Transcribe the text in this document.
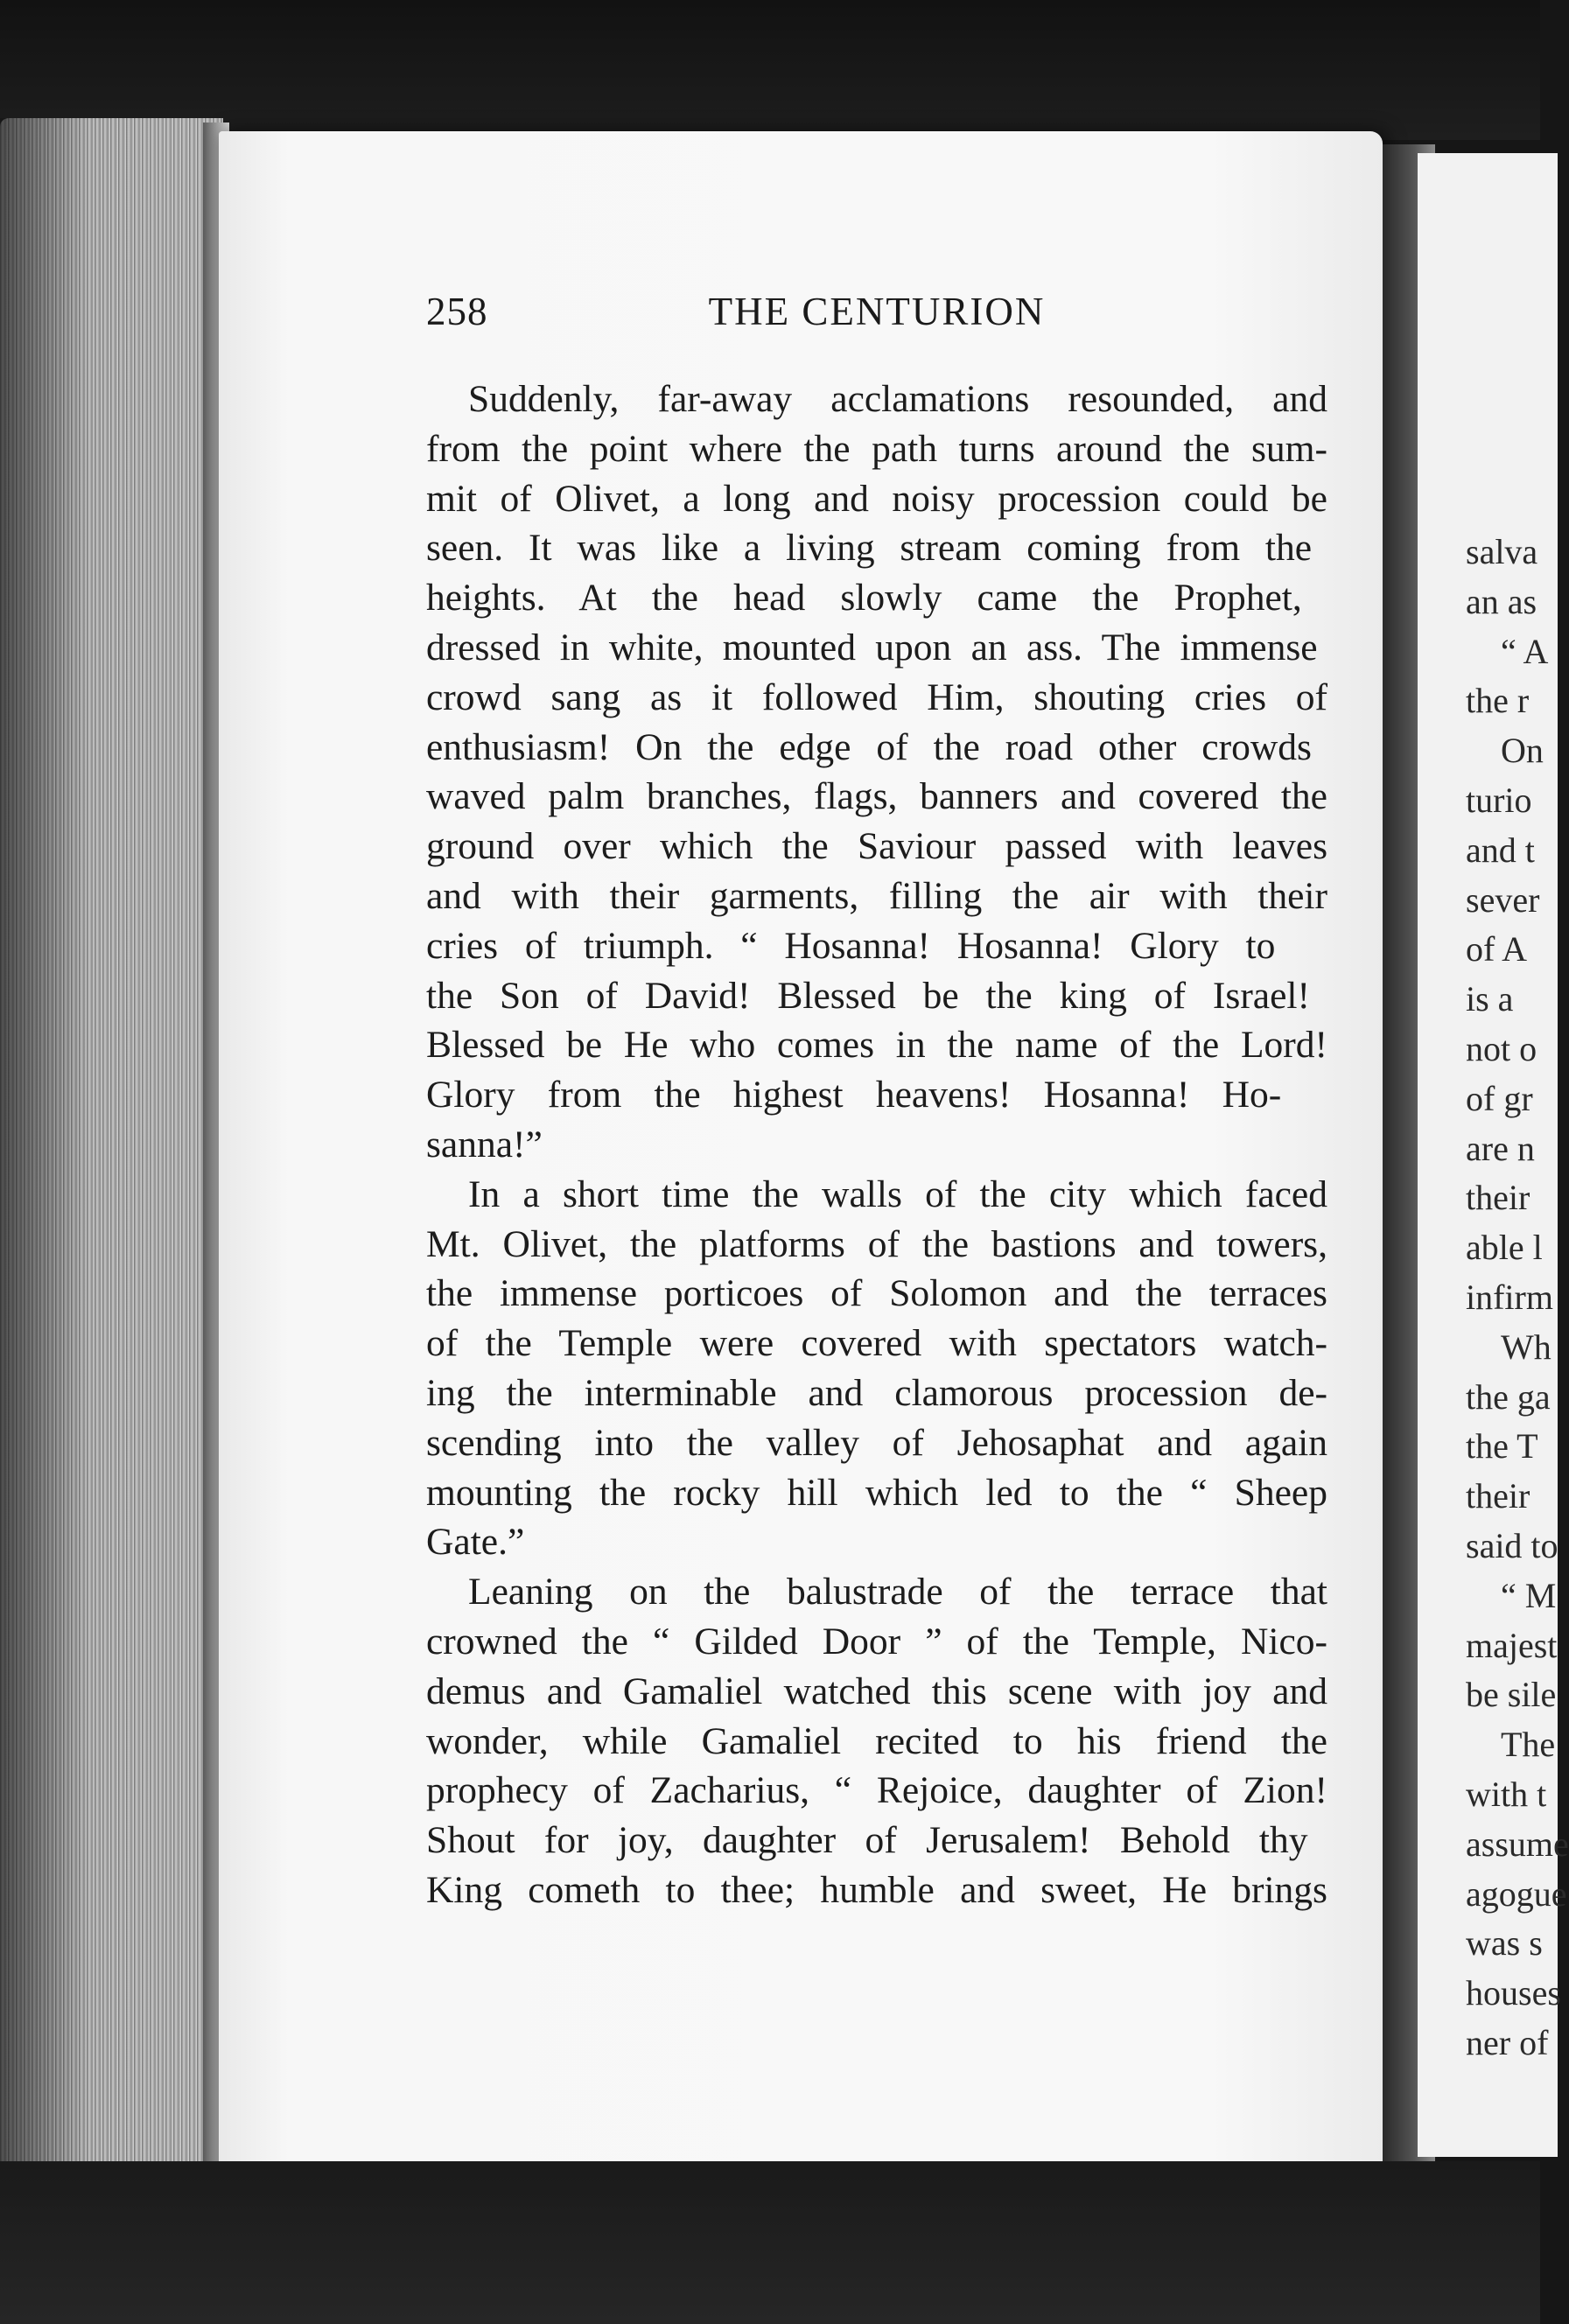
salva
an as
“ A
the r
On
turio
and t
sever
of A
is a
not o
of gr
are n
their
able l
infirm
Wh
the ga
the T
their
said to
“ M
majest
be sile
The
with t
assume
agogue
was s
houses
ner of
258	THE CENTURION
Suddenly, far-away acclamations resounded, and
from the point where the path turns around the sum-
mit of Olivet, a long and noisy procession could be
seen. It was like a living stream coming from the
heights. At the head slowly came the Prophet,
dressed in white, mounted upon an ass. The immense
crowd sang as it followed Him, shouting cries of
enthusiasm! On the edge of the road other crowds
waved palm branches, flags, banners and covered the
ground over which the Saviour passed with leaves
and with their garments, filling the air with their
cries of triumph. “ Hosanna! Hosanna! Glory to
the Son of David! Blessed be the king of Israel!
Blessed be He who comes in the name of the Lord!
Glory from the highest heavens! Hosanna! Ho-
sanna!”
In a short time the walls of the city which faced
Mt. Olivet, the platforms of the bastions and towers,
the immense porticoes of Solomon and the terraces
of the Temple were covered with spectators watch-
ing the interminable and clamorous procession de-
scending into the valley of Jehosaphat and again
mounting the rocky hill which led to the “ Sheep
Gate.”
Leaning on the balustrade of the terrace that
crowned the “ Gilded Door ” of the Temple, Nico-
demus and Gamaliel watched this scene with joy and
wonder, while Gamaliel recited to his friend the
prophecy of Zacharius, “ Rejoice, daughter of Zion!
Shout for joy, daughter of Jerusalem! Behold thy
King cometh to thee; humble and sweet, He brings
